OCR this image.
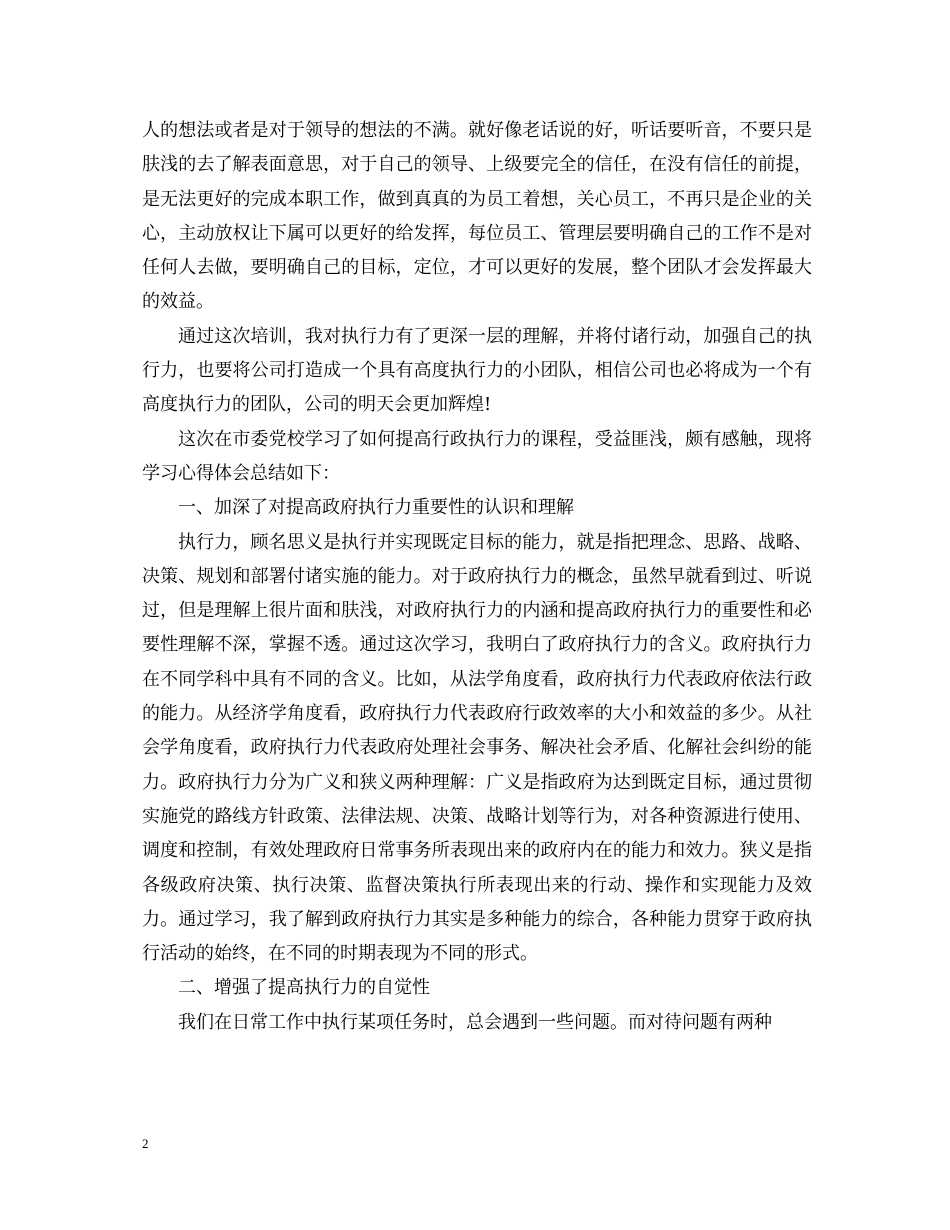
人的想法或者是对于领导的想法的不满。就好像老话说的好，听话要听音，不要只是肤浅的去了解表面意思，对于自己的领导、上级要完全的信任，在没有信任的前提，是无法更好的完成本职工作，做到真真的为员工着想，关心员工，不再只是企业的关心，主动放权让下属可以更好的给发挥，每位员工、管理层要明确自己的工作不是对任何人去做，要明确自己的目标，定位，才可以更好的发展，整个团队才会发挥最大的效益。

通过这次培训，我对执行力有了更深一层的理解，并将付诸行动，加强自己的执行力，也要将公司打造成一个具有高度执行力的小团队，相信公司也必将成为一个有高度执行力的团队，公司的明天会更加辉煌!

这次在市委党校学习了如何提高行政执行力的课程，受益匪浅，颇有感触，现将学习心得体会总结如下：

一、加深了对提高政府执行力重要性的认识和理解

执行力，顾名思义是执行并实现既定目标的能力，就是指把理念、思路、战略、决策、规划和部署付诸实施的能力。对于政府执行力的概念，虽然早就看到过、听说过，但是理解上很片面和肤浅，对政府执行力的内涵和提高政府执行力的重要性和必要性理解不深，掌握不透。通过这次学习，我明白了政府执行力的含义。政府执行力在不同学科中具有不同的含义。比如，从法学角度看，政府执行力代表政府依法行政的能力。从经济学角度看，政府执行力代表政府行政效率的大小和效益的多少。从社会学角度看，政府执行力代表政府处理社会事务、解决社会矛盾、化解社会纠纷的能力。政府执行力分为广义和狭义两种理解：广义是指政府为达到既定目标，通过贯彻实施党的路线方针政策、法律法规、决策、战略计划等行为，对各种资源进行使用、调度和控制，有效处理政府日常事务所表现出来的政府内在的能力和效力。狭义是指各级政府决策、执行决策、监督决策执行所表现出来的行动、操作和实现能力及效力。通过学习，我了解到政府执行力其实是多种能力的综合，各种能力贯穿于政府执行活动的始终，在不同的时期表现为不同的形式。

二、增强了提高执行力的自觉性

我们在日常工作中执行某项任务时，总会遇到一些问题。而对待问题有两种

2
